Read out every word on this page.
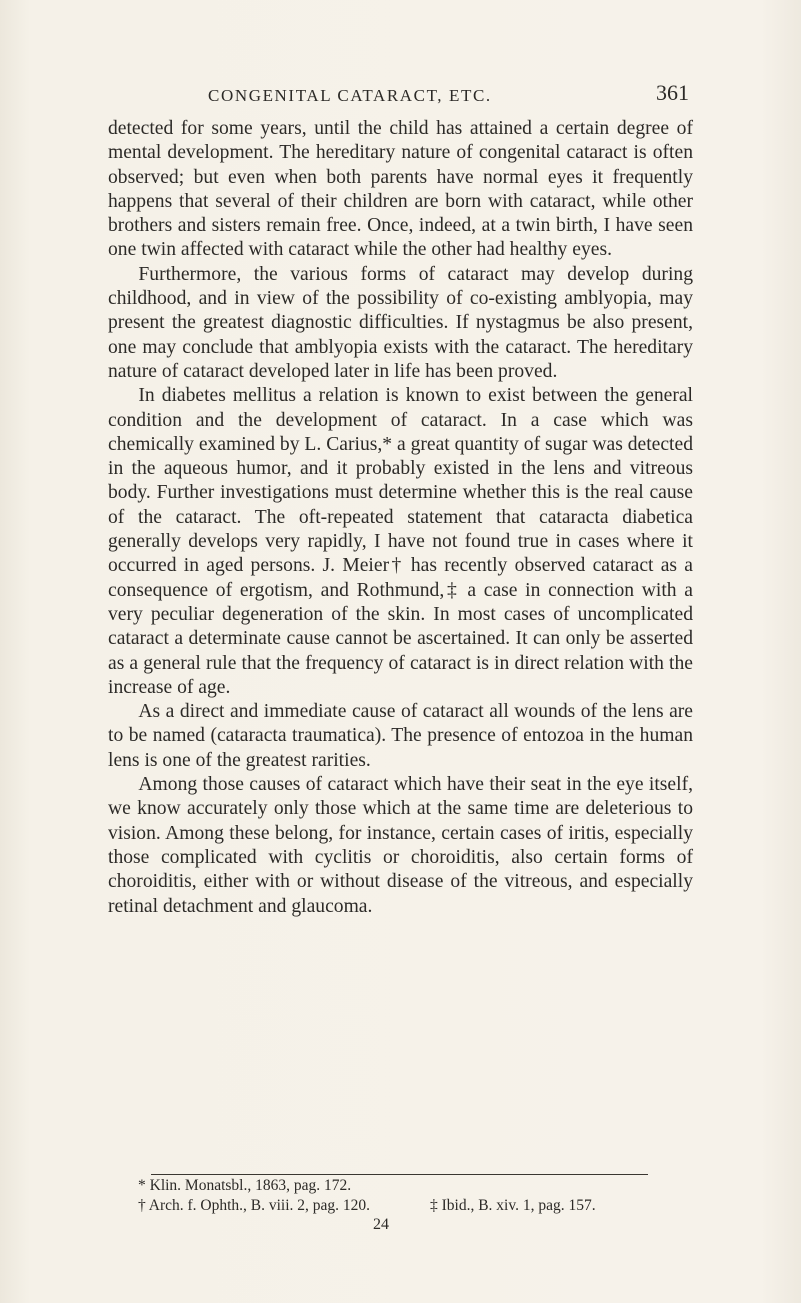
CONGENITAL CATARACT, ETC.	361

detected for some years, until the child has attained a certain degree of mental development. The hereditary nature of congenital cataract is often observed; but even when both parents have normal eyes it frequently happens that several of their children are born with cataract, while other brothers and sisters remain free. Once, indeed, at a twin birth, I have seen one twin affected with cataract while the other had healthy eyes.

Furthermore, the various forms of cataract may develop during childhood, and in view of the possibility of co-existing amblyopia, may present the greatest diagnostic difficulties. If nystagmus be also present, one may conclude that amblyopia exists with the cataract. The hereditary nature of cataract developed later in life has been proved.

In diabetes mellitus a relation is known to exist between the general condition and the development of cataract. In a case which was chemically examined by L. Carius,* a great quantity of sugar was detected in the aqueous humor, and it probably existed in the lens and vitreous body. Further investigations must determine whether this is the real cause of the cataract. The oft-repeated statement that cataracta diabetica generally develops very rapidly, I have not found true in cases where it occurred in aged persons. J. Meier† has recently observed cataract as a consequence of ergotism, and Rothmund,‡ a case in connection with a very peculiar degeneration of the skin. In most cases of uncomplicated cataract a determinate cause cannot be ascertained. It can only be asserted as a general rule that the frequency of cataract is in direct relation with the increase of age.

As a direct and immediate cause of cataract all wounds of the lens are to be named (cataracta traumatica). The presence of entozoa in the human lens is one of the greatest rarities.

Among those causes of cataract which have their seat in the eye itself, we know accurately only those which at the same time are deleterious to vision. Among these belong, for instance, certain cases of iritis, especially those complicated with cyclitis or choroiditis, also certain forms of choroiditis, either with or without disease of the vitreous, and especially retinal detachment and glaucoma.

* Klin. Monatsbl., 1863, pag. 172.
† Arch. f. Ophth., B. viii. 2, pag. 120.	‡ Ibid., B. xiv. 1, pag. 157.
24
